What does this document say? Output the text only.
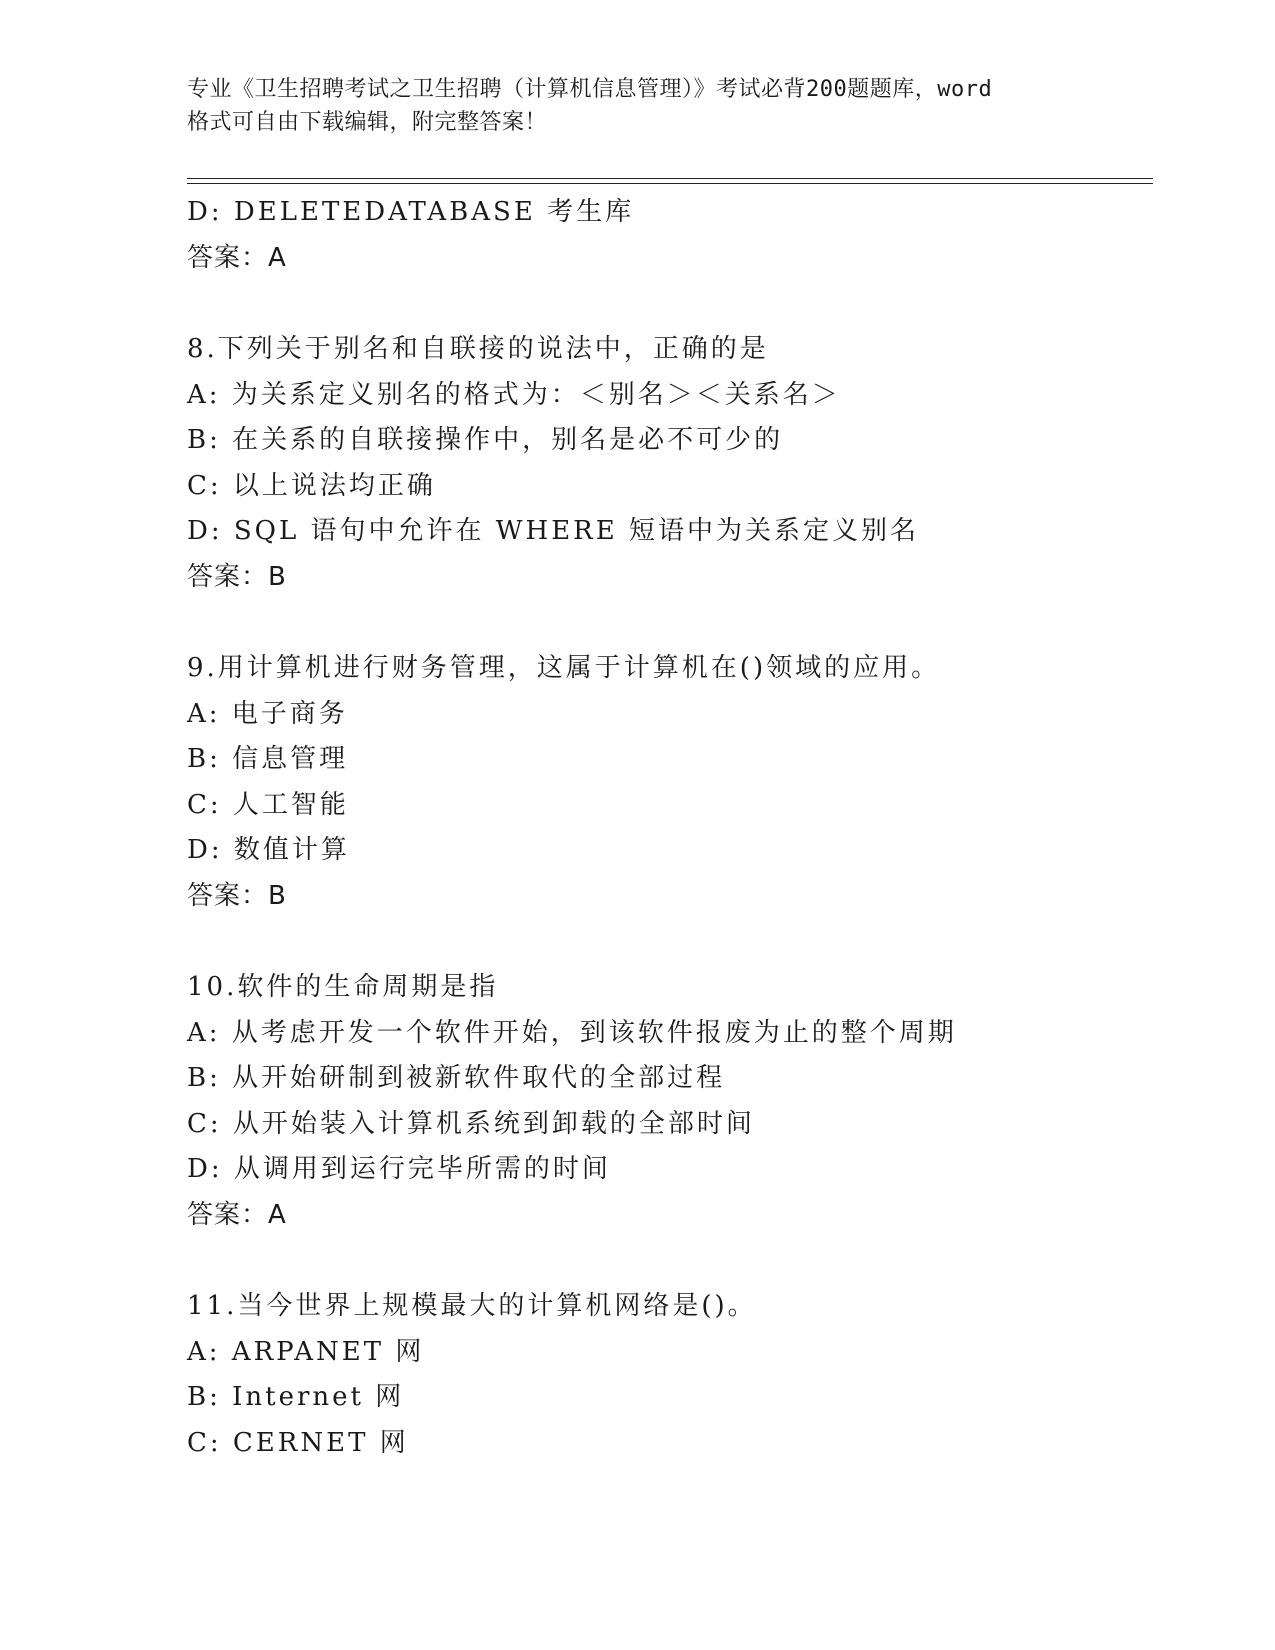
专业《卫生招聘考试之卫生招聘（计算机信息管理）》考试必背200题题库，word
格式可自由下载编辑，附完整答案！
D: DELETEDATABASE 考生库
答案：A
8.下列关于别名和自联接的说法中，正确的是
A: 为关系定义别名的格式为：＜别名＞＜关系名＞
B: 在关系的自联接操作中，别名是必不可少的
C: 以上说法均正确
D: SQL 语句中允许在 WHERE 短语中为关系定义别名
答案：B
9.用计算机进行财务管理，这属于计算机在()领域的应用。
A: 电子商务
B: 信息管理
C: 人工智能
D: 数值计算
答案：B
10.软件的生命周期是指
A: 从考虑开发一个软件开始，到该软件报废为止的整个周期
B: 从开始研制到被新软件取代的全部过程
C: 从开始装入计算机系统到卸载的全部时间
D: 从调用到运行完毕所需的时间
答案：A
11.当今世界上规模最大的计算机网络是()。
A: ARPANET 网
B: Internet 网
C: CERNET 网
